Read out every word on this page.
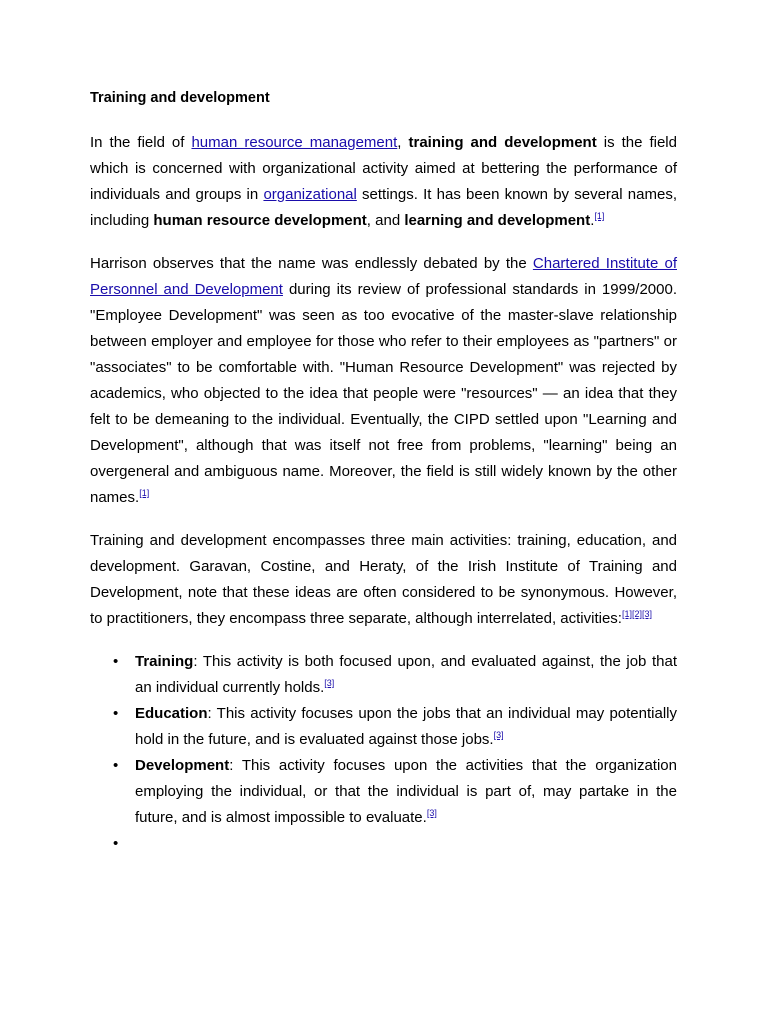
Training and development

In the field of human resource management, training and development is the field which is concerned with organizational activity aimed at bettering the performance of individuals and groups in organizational settings. It has been known by several names, including human resource development, and learning and development.[1]

Harrison observes that the name was endlessly debated by the Chartered Institute of Personnel and Development during its review of professional standards in 1999/2000. "Employee Development" was seen as too evocative of the master-slave relationship between employer and employee for those who refer to their employees as "partners" or "associates" to be comfortable with. "Human Resource Development" was rejected by academics, who objected to the idea that people were "resources" — an idea that they felt to be demeaning to the individual. Eventually, the CIPD settled upon "Learning and Development", although that was itself not free from problems, "learning" being an overgeneral and ambiguous name. Moreover, the field is still widely known by the other names.[1]

Training and development encompasses three main activities: training, education, and development. Garavan, Costine, and Heraty, of the Irish Institute of Training and Development, note that these ideas are often considered to be synonymous. However, to practitioners, they encompass three separate, although interrelated, activities:[1][2][3]

• Training: This activity is both focused upon, and evaluated against, the job that an individual currently holds.[3]
• Education: This activity focuses upon the jobs that an individual may potentially hold in the future, and is evaluated against those jobs.[3]
• Development: This activity focuses upon the activities that the organization employing the individual, or that the individual is part of, may partake in the future, and is almost impossible to evaluate.[3]
•
